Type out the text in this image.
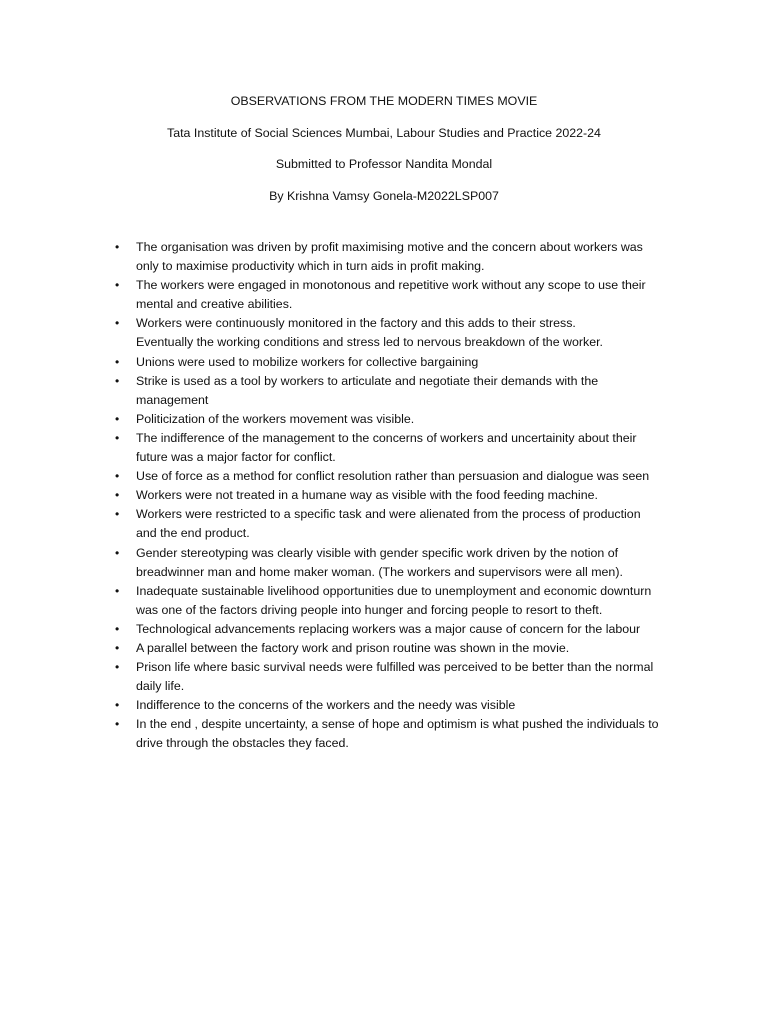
OBSERVATIONS FROM THE MODERN TIMES MOVIE
Tata Institute of Social Sciences Mumbai, Labour Studies and Practice 2022-24
Submitted to Professor Nandita Mondal
By Krishna Vamsy Gonela-M2022LSP007
• The organisation was driven by profit maximising motive and the concern about workers was
only to maximise productivity which in turn aids in profit making.
• The workers were engaged in monotonous and repetitive work without any scope to use their
mental and creative abilities.
• Workers were continuously monitored in the factory and this adds to their stress.
Eventually the working conditions and stress led to nervous breakdown of the worker.
• Unions were used to mobilize workers for collective bargaining
• Strike is used as a tool by workers to articulate and negotiate their demands with the
management
• Politicization of the workers movement was visible.
• The indifference of the management to the concerns of workers and uncertainity about their
future was a major factor for conflict.
• Use of force as a method for conflict resolution rather than persuasion and dialogue was seen
• Workers were not treated in a humane way as visible with the food feeding machine.
• Workers were restricted to a specific task and were alienated from the process of production
and the end product.
• Gender stereotyping was clearly visible with gender specific work driven by the notion of
breadwinner man and home maker woman. (The workers and supervisors were all men).
• Inadequate sustainable livelihood opportunities due to unemployment and economic downturn
was one of the factors driving people into hunger and forcing people to resort to theft.
• Technological advancements replacing workers was a major cause of concern for the labour
• A parallel between the factory work and prison routine was shown in the movie.
• Prison life where basic survival needs were fulfilled was perceived to be better than the normal
daily life.
• Indifference to the concerns of the workers and the needy was visible
• In the end , despite uncertainty, a sense of hope and optimism is what pushed the individuals to
drive through the obstacles they faced.
